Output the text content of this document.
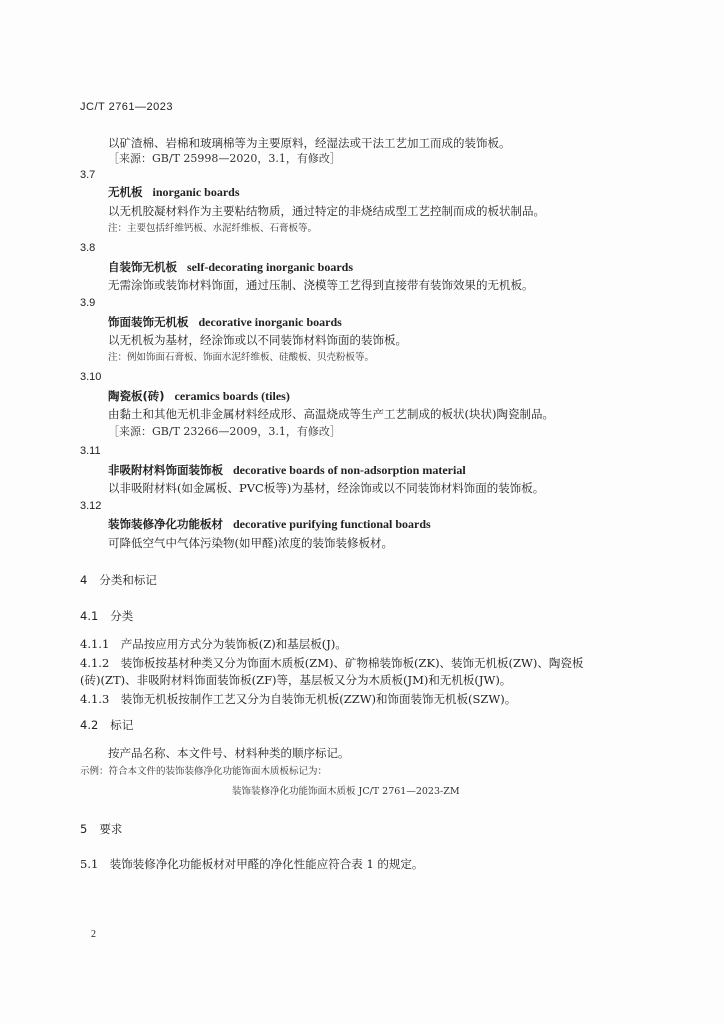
JC/T 2761—2023
以矿渣棉、岩棉和玻璃棉等为主要原料，经湿法或干法工艺加工而成的装饰板。
［来源：GB/T 25998—2020，3.1，有修改］
3.7
无机板 inorganic boards
以无机胶凝材料作为主要粘结物质，通过特定的非烧结成型工艺控制而成的板状制品。
注：主要包括纤维钙板、水泥纤维板、石膏板等。
3.8
自装饰无机板 self-decorating inorganic boards
无需涂饰或装饰材料饰面，通过压制、浇模等工艺得到直接带有装饰效果的无机板。
3.9
饰面装饰无机板 decorative inorganic boards
以无机板为基材，经涂饰或以不同装饰材料饰面的装饰板。
注：例如饰面石膏板、饰面水泥纤维板、硅酸板、贝壳粉板等。
3.10
陶瓷板(砖) ceramics boards (tiles)
由黏土和其他无机非金属材料经成形、高温烧成等生产工艺制成的板状(块状)陶瓷制品。
［来源：GB/T 23266—2009，3.1，有修改］
3.11
非吸附材料饰面装饰板 decorative boards of non-adsorption material
以非吸附材料(如金属板、PVC板等)为基材，经涂饰或以不同装饰材料饰面的装饰板。
3.12
装饰装修净化功能板材 decorative purifying functional boards
可降低空气中气体污染物(如甲醛)浓度的装饰装修板材。
4 分类和标记
4.1 分类
4.1.1　产品按应用方式分为装饰板(Z)和基层板(J)。
4.1.2　装饰板按基材种类又分为饰面木质板(ZM)、矿物棉装饰板(ZK)、装饰无机板(ZW)、陶瓷板
(砖)(ZT)、非吸附材料饰面装饰板(ZF)等，基层板又分为木质板(JM)和无机板(JW)。
4.1.3　装饰无机板按制作工艺又分为自装饰无机板(ZZW)和饰面装饰无机板(SZW)。
4.2 标记
按产品名称、本文件号、材料种类的顺序标记。
示例：符合本文件的装饰装修净化功能饰面木质板标记为：
装饰装修净化功能饰面木质板 JC/T 2761—2023-ZM
5 要求
5.1　装饰装修净化功能板材对甲醛的净化性能应符合表 1 的规定。
2
